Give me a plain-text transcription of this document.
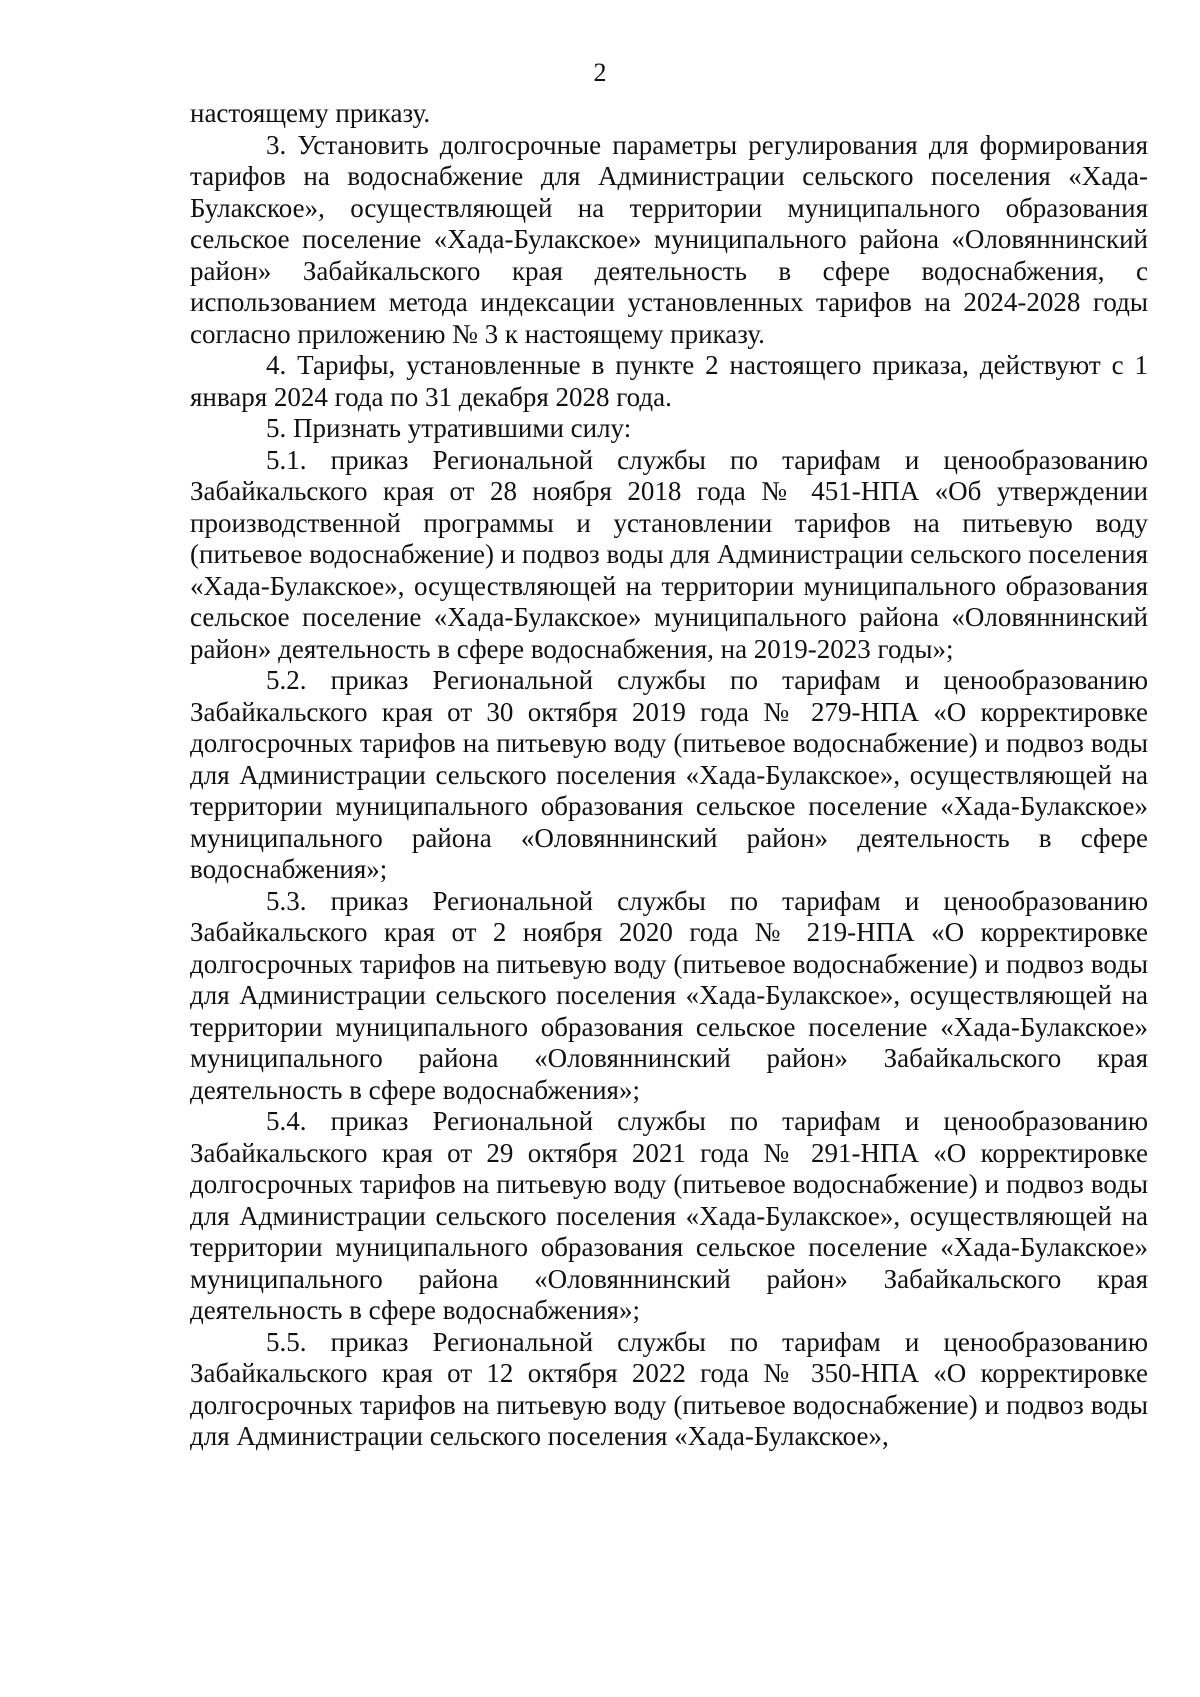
2

настоящему приказу.

3. Установить долгосрочные параметры регулирования для формирования тарифов на водоснабжение для Администрации сельского поселения «Хада-Булакское», осуществляющей на территории муниципального образования сельское поселение «Хада-Булакское» муниципального района «Оловяннинский район» Забайкальского края деятельность в сфере водоснабжения, с использованием метода индексации установленных тарифов на 2024-2028 годы согласно приложению № 3 к настоящему приказу.

4. Тарифы, установленные в пункте 2 настоящего приказа, действуют с 1 января 2024 года по 31 декабря 2028 года.

5. Признать утратившими силу:

5.1. приказ Региональной службы по тарифам и ценообразованию Забайкальского края от 28 ноября 2018 года № 451-НПА «Об утверждении производственной программы и установлении тарифов на питьевую воду (питьевое водоснабжение) и подвоз воды для Администрации сельского поселения «Хада-Булакское», осуществляющей на территории муниципального образования сельское поселение «Хада-Булакское» муниципального района «Оловяннинский район» деятельность в сфере водоснабжения, на 2019-2023 годы»;

5.2. приказ Региональной службы по тарифам и ценообразованию Забайкальского края от 30 октября 2019 года № 279-НПА «О корректировке долгосрочных тарифов на питьевую воду (питьевое водоснабжение) и подвоз воды для Администрации сельского поселения «Хада-Булакское», осуществляющей на территории муниципального образования сельское поселение «Хада-Булакское» муниципального района «Оловяннинский район» деятельность в сфере водоснабжения»;

5.3. приказ Региональной службы по тарифам и ценообразованию Забайкальского края от 2 ноября 2020 года № 219-НПА «О корректировке долгосрочных тарифов на питьевую воду (питьевое водоснабжение) и подвоз воды для Администрации сельского поселения «Хада-Булакское», осуществляющей на территории муниципального образования сельское поселение «Хада-Булакское» муниципального района «Оловяннинский район» Забайкальского края деятельность в сфере водоснабжения»;

5.4. приказ Региональной службы по тарифам и ценообразованию Забайкальского края от 29 октября 2021 года № 291-НПА «О корректировке долгосрочных тарифов на питьевую воду (питьевое водоснабжение) и подвоз воды для Администрации сельского поселения «Хада-Булакское», осуществляющей на территории муниципального образования сельское поселение «Хада-Булакское» муниципального района «Оловяннинский район» Забайкальского края деятельность в сфере водоснабжения»;

5.5. приказ Региональной службы по тарифам и ценообразованию Забайкальского края от 12 октября 2022 года № 350-НПА «О корректировке долгосрочных тарифов на питьевую воду (питьевое водоснабжение) и подвоз воды для Администрации сельского поселения «Хада-Булакское»,
